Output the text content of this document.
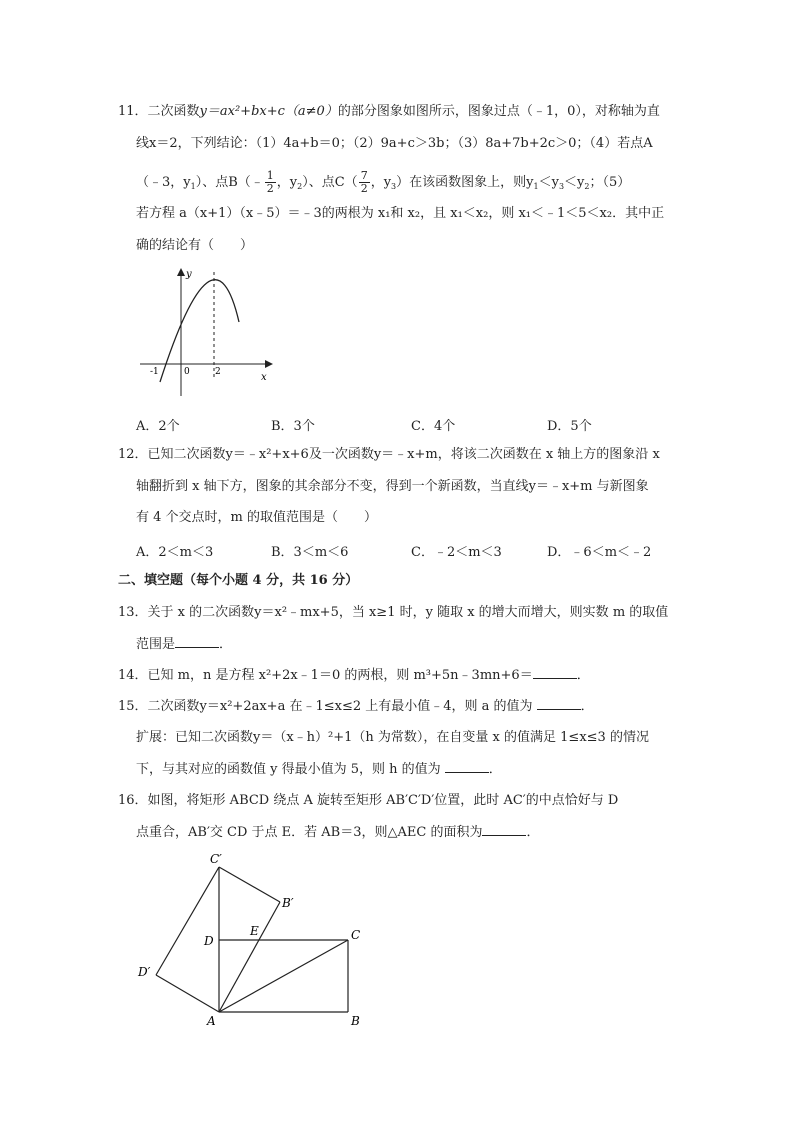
11．二次函数y＝ax²+bx+c（a≠0）的部分图象如图所示，图象过点（﹣1，0），对称轴为直
线x＝2，下列结论：（1）4a+b＝0；（2）9a+c＞3b；（3）8a+7b+2c＞0；（4）若点A
（﹣3，$y_1$）、点B（﹣ $\frac{1}{2}$ ，$y_2$）、点$C( \frac{7}{2}$ ，$y_3$）在该函数图象上，则$y_1<y_3<y_2$；（5）
若方程 a（x+1）（x﹣5）＝﹣3的两根为 x₁和 x₂，且 x₁＜x₂，则 x₁＜﹣1＜5＜x₂．其中正
确的结论有（　　）
y
x
0
-1	2
A．2个	B．3个	C．4个	D．5个
12．已知二次函数y＝﹣x²+x+6及一次函数y＝﹣x+m，将该二次函数在 x 轴上方的图象沿 x
轴翻折到 x 轴下方，图象的其余部分不变，得到一个新函数，当直线y＝﹣x+m 与新图象
有 4 个交点时，m 的取值范围是（　　）
A．2＜m＜3	B．3＜m＜6	C．﹣2＜m＜3	D．﹣6＜m＜﹣2
二、填空题（每个小题 4 分，共 16 分）
13．关于 x 的二次函数y＝x²﹣mx+5，当 x≥1 时，y 随取 x 的增大而增大，则实数 m 的取值
范围是	．
14．已知 m，n 是方程 x²+2x﹣1＝0 的两根，则 m³+5n﹣3mn+6＝	．
15．二次函数y＝x²+2ax+a 在﹣1≤x≤2 上有最小值﹣4，则 a 的值为	．
扩展：已知二次函数y＝（x﹣h）²+1（h 为常数），在自变量 x 的值满足 1≤x≤3 的情况
下，与其对应的函数值 y 得最小值为 5，则 h 的值为	．
16．如图，将矩形 ABCD 绕点 A 旋转至矩形 AB′C′D′位置，此时 AC′的中点恰好与 D
点重合，AB′交 CD 于点 E．若 AB＝3，则△AEC 的面积为	．
C′
B′
D
E	C
D′
A	B
